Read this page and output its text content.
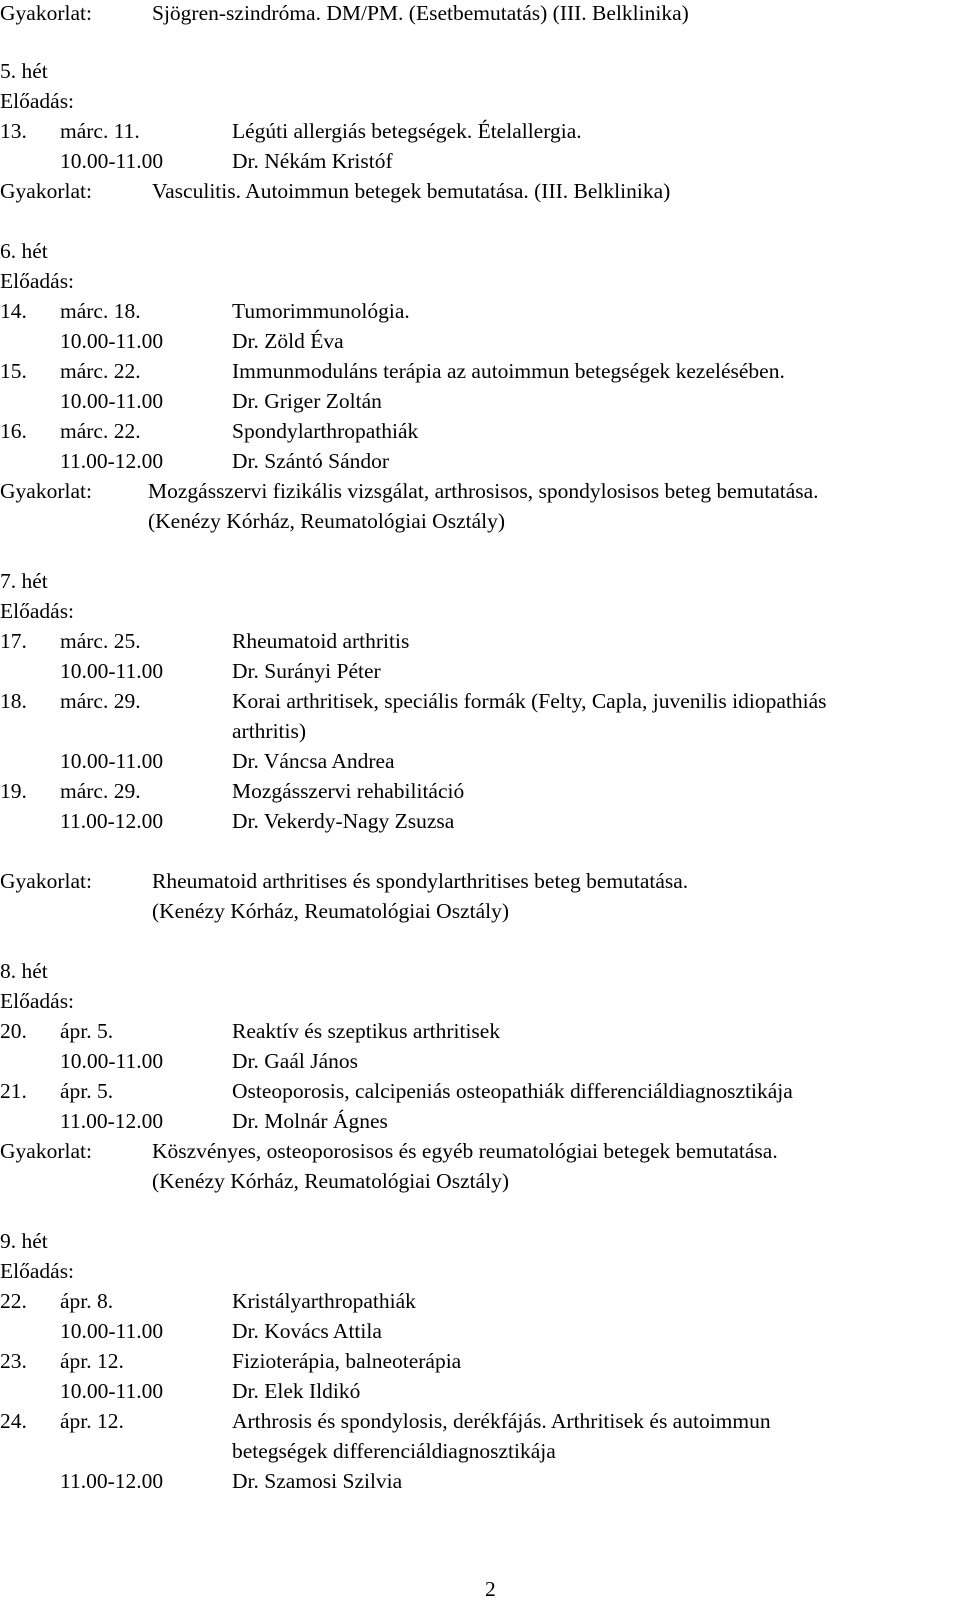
Gyakorlat:	Sjögren-szindróma. DM/PM. (Esetbemutatás) (III. Belklinika)
5. hét
Előadás:
13. márc. 11.	Légúti allergiás betegségek. Ételallergia.
10.00-11.00	Dr. Nékám Kristóf
Gyakorlat:	Vasculitis. Autoimmun betegek bemutatása. (III. Belklinika)
6. hét
Előadás:
14. márc. 18.	Tumorimmunológia.
10.00-11.00	Dr. Zöld Éva
15. márc. 22.	Immunmoduláns terápia az autoimmun betegségek kezelésében.
10.00-11.00	Dr. Griger Zoltán
16. márc. 22.	Spondylarthropathiák
11.00-12.00	Dr. Szántó Sándor
Gyakorlat:	Mozgásszervi fizikális vizsgálat, arthrosisos, spondylosisos beteg bemutatása.
(Kenézy Kórház, Reumatológiai Osztály)
7. hét
Előadás:
17. márc. 25.	Rheumatoid arthritis
10.00-11.00	Dr. Surányi Péter
18. márc. 29.	Korai arthritisek, speciális formák (Felty, Capla, juvenilis idiopathiás
arthritis)
10.00-11.00	Dr. Váncsa Andrea
19. márc. 29.	Mozgásszervi rehabilitáció
11.00-12.00	Dr. Vekerdy-Nagy Zsuzsa
Gyakorlat:	Rheumatoid arthritises és spondylarthritises beteg bemutatása.
(Kenézy Kórház, Reumatológiai Osztály)
8. hét
Előadás:
20. ápr. 5.	Reaktív és szeptikus arthritisek
10.00-11.00	Dr. Gaál János
21. ápr. 5.	Osteoporosis, calcipeniás osteopathiák differenciáldiagnosztikája
11.00-12.00	Dr. Molnár Ágnes
Gyakorlat:	Köszvényes, osteoporosisos és egyéb reumatológiai betegek bemutatása.
(Kenézy Kórház, Reumatológiai Osztály)
9. hét
Előadás:
22. ápr. 8.	Kristályarthropathiák
10.00-11.00	Dr. Kovács Attila
23. ápr. 12.	Fizioterápia, balneoterápia
10.00-11.00	Dr. Elek Ildikó
24. ápr. 12.	Arthrosis és spondylosis, derékfájás. Arthritisek és autoimmun
betegségek differenciáldiagnosztikája
11.00-12.00	Dr. Szamosi Szilvia
2
